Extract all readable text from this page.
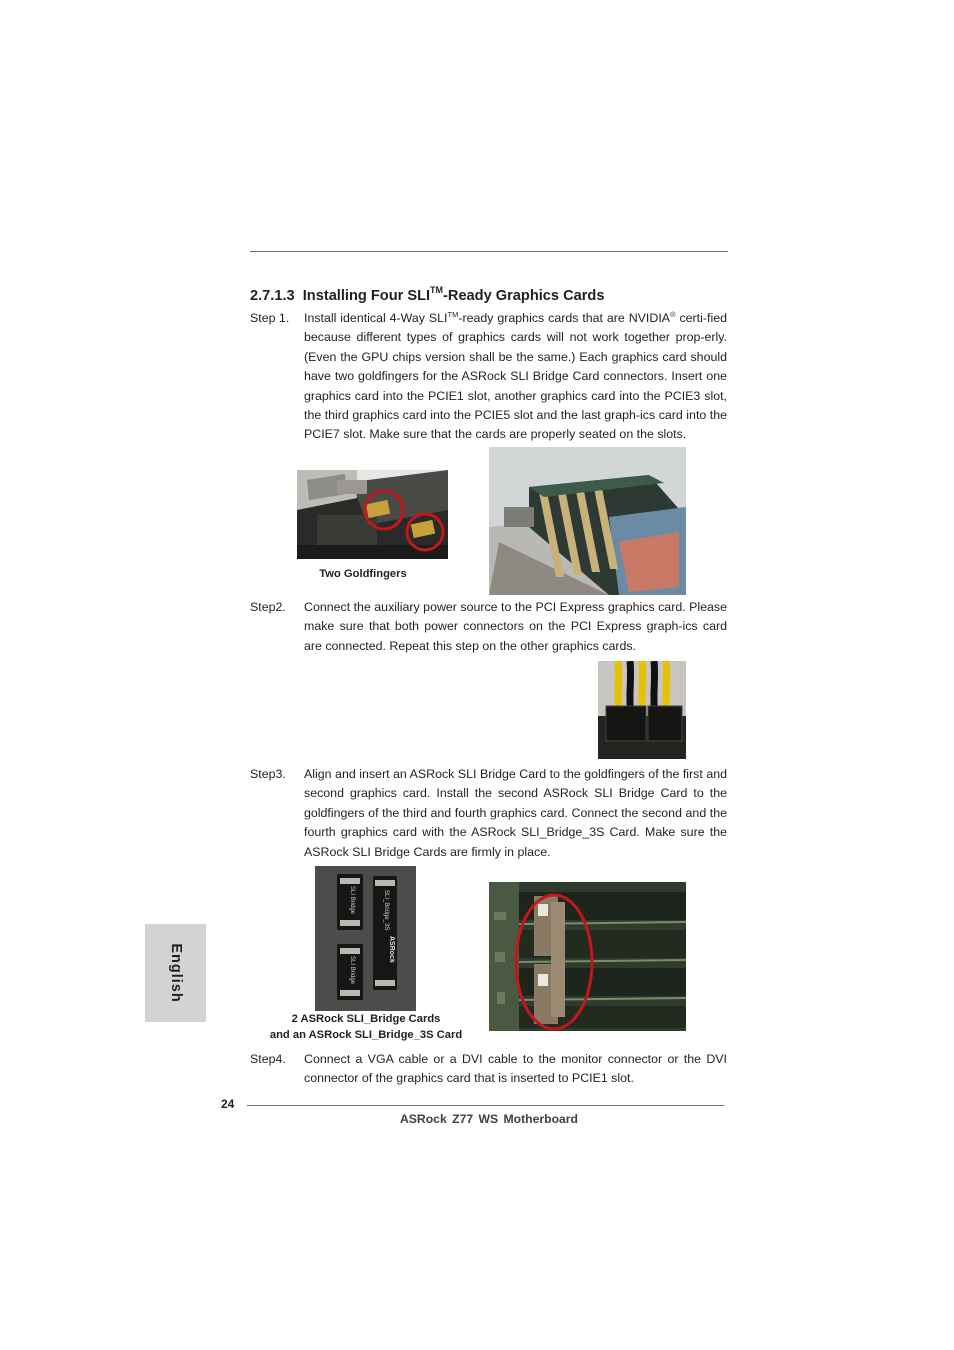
2.7.1.3 Installing Four SLI™-Ready Graphics Cards
Step 1. Install identical 4-Way SLI™-ready graphics cards that are NVIDIA® certi-fied because different types of graphics cards will not work together prop-erly. (Even the GPU chips version shall be the same.) Each graphics card should have two goldfingers for the ASRock SLI Bridge Card connectors. Insert one graphics card into the PCIE1 slot, another graphics card into the PCIE3 slot, the third graphics card into the PCIE5 slot and the last graph-ics card into the PCIE7 slot. Make sure that the cards are properly seated on the slots.
Two Goldfingers
Step2. Connect the auxiliary power source to the PCI Express graphics card. Please make sure that both power connectors on the PCI Express graph-ics card are connected. Repeat this step on the other graphics cards.
Step3. Align and insert an ASRock SLI Bridge Card to the goldfingers of the first and second graphics card. Install the second ASRock SLI Bridge Card to the goldfingers of the third and fourth graphics card. Connect the second and the fourth graphics card with the ASRock SLI_Bridge_3S Card. Make sure the ASRock SLI Bridge Cards are firmly in place.
SLI Bridge
SLI Bridge
SLI_Bridge_3S
ASRock
2 ASRock SLI_Bridge Cards
and an ASRock SLI_Bridge_3S Card
Step4. Connect a VGA cable or a DVI cable to the monitor connector or the DVI connector of the graphics card that is inserted to PCIE1 slot.
English
24
ASRock Z77 WS Motherboard
